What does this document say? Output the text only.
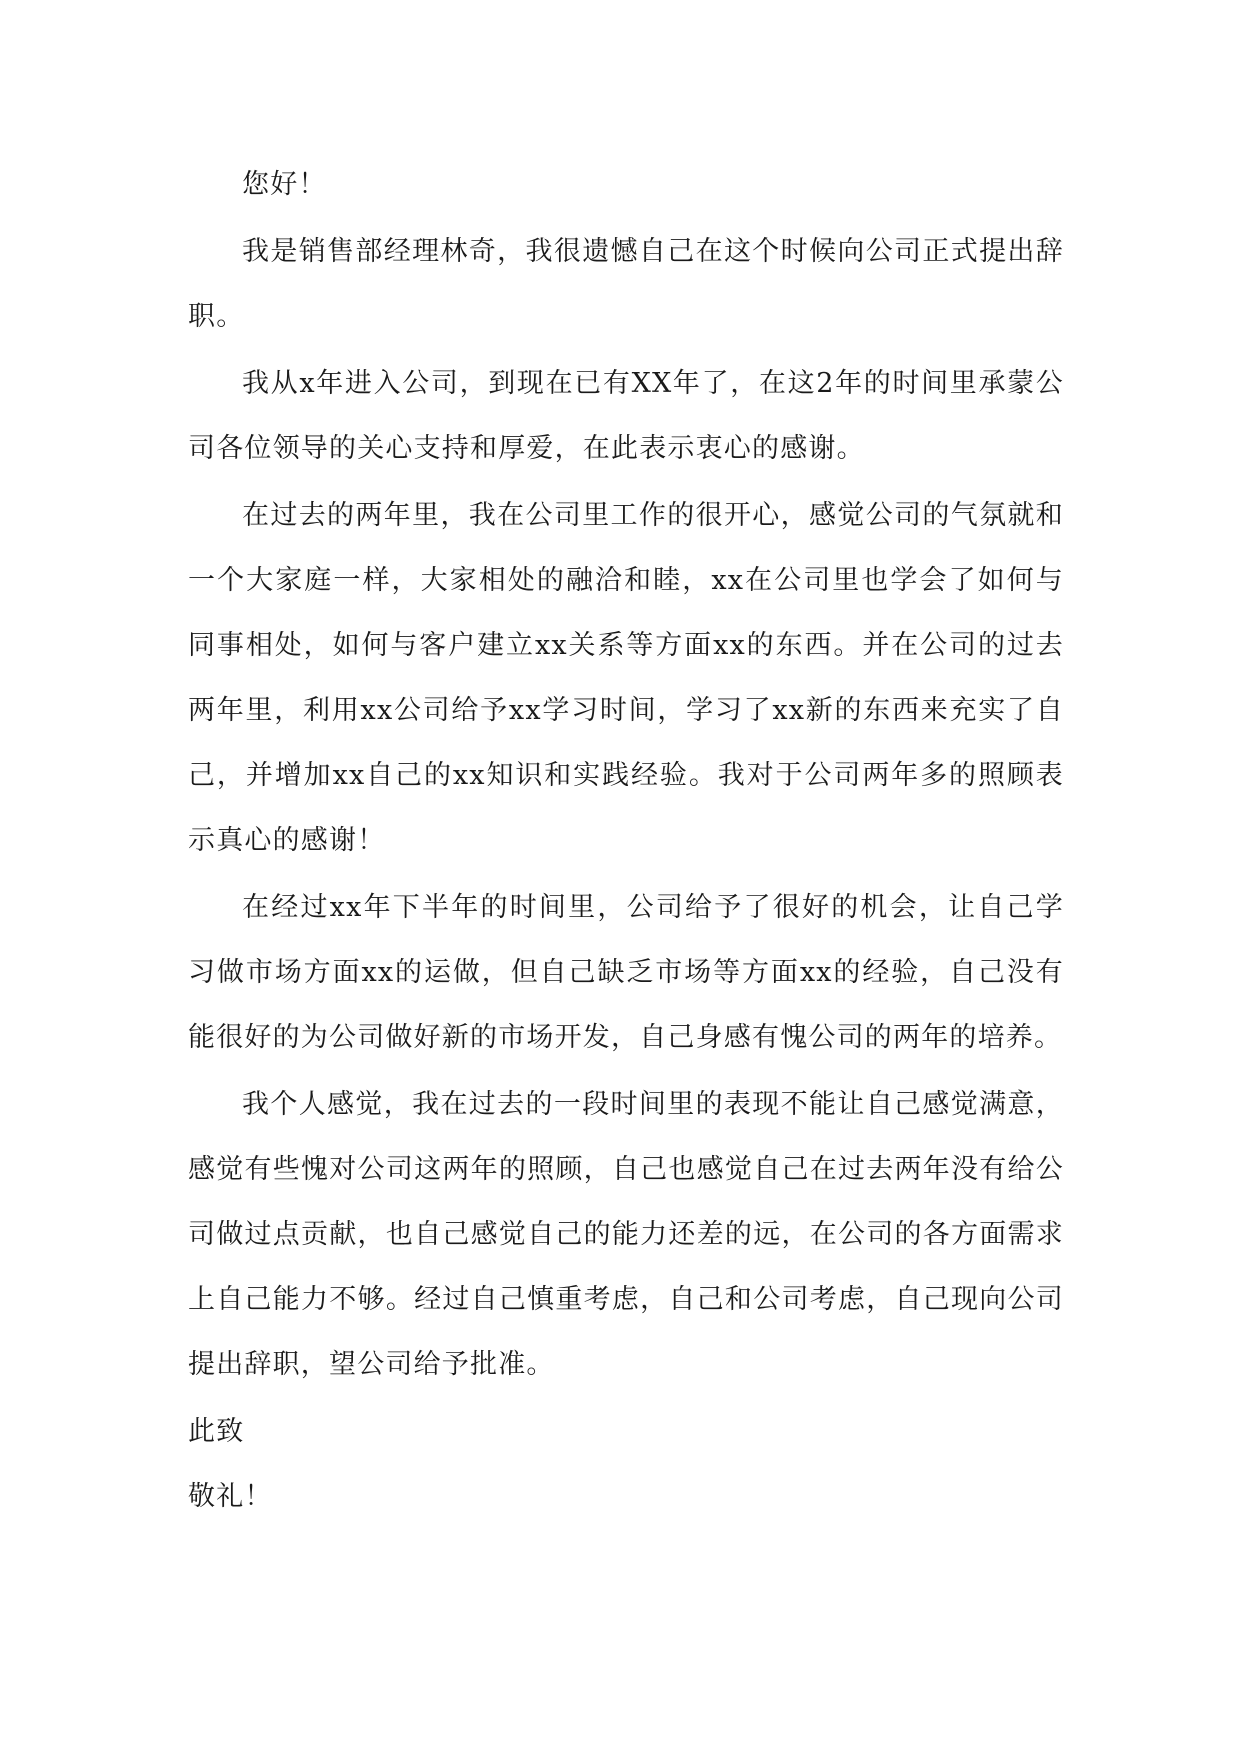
您好！

我是销售部经理林奇，我很遗憾自己在这个时候向公司正式提出辞职。

我从x年进入公司，到现在已有XX年了，在这2年的时间里承蒙公司各位领导的关心支持和厚爱，在此表示衷心的感谢。

在过去的两年里，我在公司里工作的很开心，感觉公司的气氛就和一个大家庭一样，大家相处的融洽和睦，xx在公司里也学会了如何与同事相处，如何与客户建立xx关系等方面xx的东西。并在公司的过去两年里，利用xx公司给予xx学习时间，学习了xx新的东西来充实了自己，并增加xx自己的xx知识和实践经验。我对于公司两年多的照顾表示真心的感谢！

在经过xx年下半年的时间里，公司给予了很好的机会，让自己学习做市场方面xx的运做，但自己缺乏市场等方面xx的经验，自己没有能很好的为公司做好新的市场开发，自己身感有愧公司的两年的培养。

我个人感觉，我在过去的一段时间里的表现不能让自己感觉满意，感觉有些愧对公司这两年的照顾，自己也感觉自己在过去两年没有给公司做过点贡献，也自己感觉自己的能力还差的远，在公司的各方面需求上自己能力不够。经过自己慎重考虑，自己和公司考虑，自己现向公司提出辞职，望公司给予批准。

此致

敬礼！
